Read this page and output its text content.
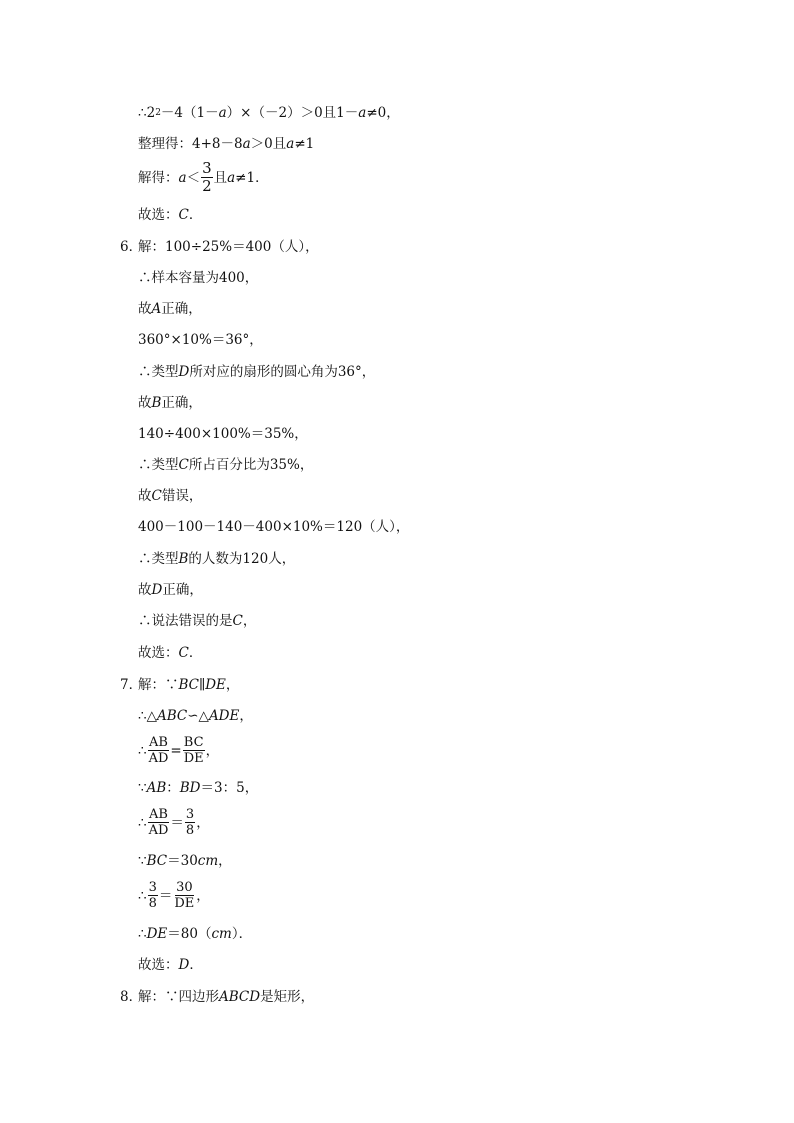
∴2 2 －4（1－ a ）×（－2）＞0且1－ a ≠0，
整理得：4+8－8 a ＞0且 a ≠1
解得： $a < \frac{3}{2}$ 且 a ≠1．
故选： C ．
6．
解：100÷25%＝400（人），
∴样本容量为400，
故 A 正确，
360°×10%＝36°，
∴类型 D 所对应的扇形的圆心角为36°，
故 B 正确，
140÷400×100%＝35%，
∴类型 C 所占百分比为35%，
故 C 错误，
400－100－140－400×10%＝120（人），
∴类型 B 的人数为120人，
故 D 正确，
∴说法错误的是 C ，
故选： C ．
7．
解：∵ BC∥DE ，
∴△ ABC ∽△ ADE ，
∴ $\frac{AB}{AD} = \frac{BC}{DE}$ ，
∵ AB ： BD ＝3：5，
∴ $\frac{AB}{AD} = \frac{3}{8}$ ，
∵ BC ＝30 cm ，
∴ $\frac{3}{8} = \frac{30}{DE}$ ，
∴ DE ＝80（ cm ）．
故选： D ．
8．
解：∵四边形 ABCD 是矩形，
